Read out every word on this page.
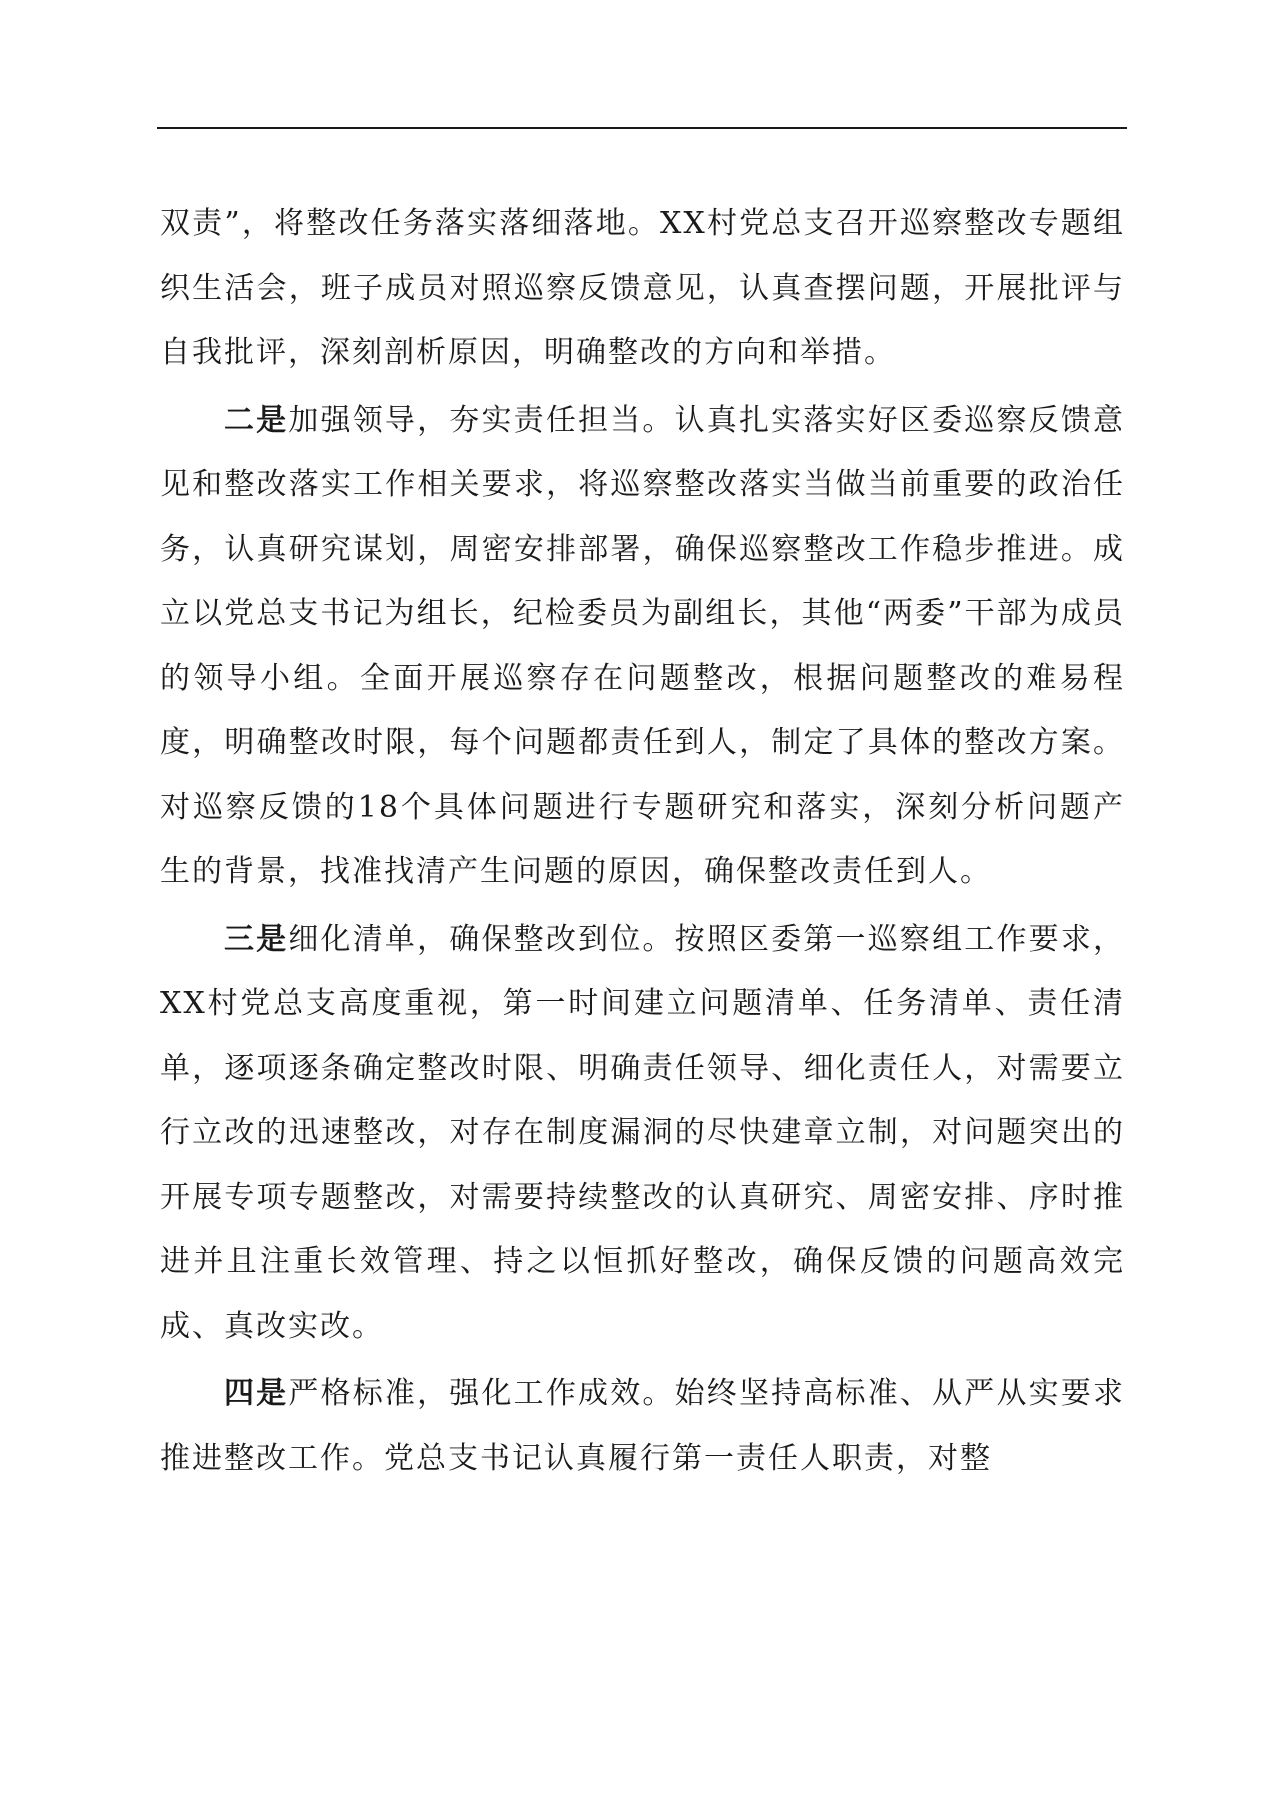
双责”，将整改任务落实落细落地。XX村党总支召开巡察整改专题组织生活会，班子成员对照巡察反馈意见，认真查摆问题，开展批评与自我批评，深刻剖析原因，明确整改的方向和举措。

二是加强领导，夯实责任担当。认真扎实落实好区委巡察反馈意见和整改落实工作相关要求，将巡察整改落实当做当前重要的政治任务，认真研究谋划，周密安排部署，确保巡察整改工作稳步推进。成立以党总支书记为组长，纪检委员为副组长，其他“两委”干部为成员的领导小组。全面开展巡察存在问题整改，根据问题整改的难易程度，明确整改时限，每个问题都责任到人，制定了具体的整改方案。对巡察反馈的18个具体问题进行专题研究和落实，深刻分析问题产生的背景，找准找清产生问题的原因，确保整改责任到人。

三是细化清单，确保整改到位。按照区委第一巡察组工作要求，XX村党总支高度重视，第一时间建立问题清单、任务清单、责任清单，逐项逐条确定整改时限、明确责任领导、细化责任人，对需要立行立改的迅速整改，对存在制度漏洞的尽快建章立制，对问题突出的开展专项专题整改，对需要持续整改的认真研究、周密安排、序时推进并且注重长效管理、持之以恒抓好整改，确保反馈的问题高效完成、真改实改。

四是严格标准，强化工作成效。始终坚持高标准、从严从实要求推进整改工作。党总支书记认真履行第一责任人职责，对整
